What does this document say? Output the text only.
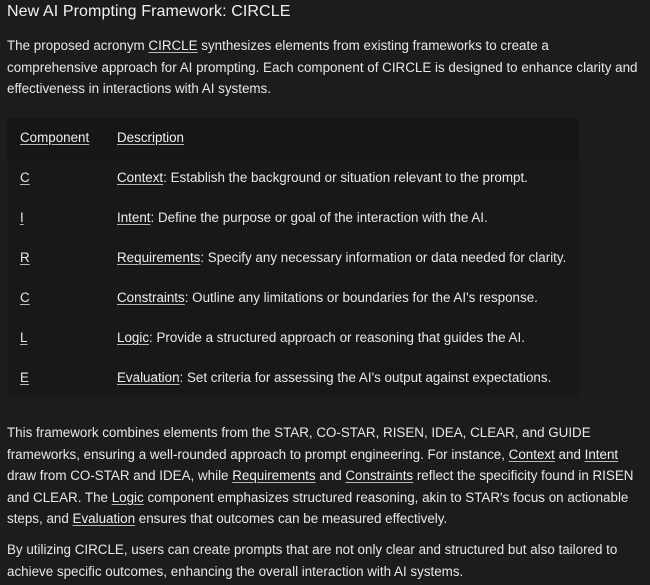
New AI Prompting Framework: CIRCLE

The proposed acronym CIRCLE synthesizes elements from existing frameworks to create a comprehensive approach for AI prompting. Each component of CIRCLE is designed to enhance clarity and effectiveness in interactions with AI systems.

Component Description
C	Context: Establish the background or situation relevant to the prompt.
I	Intent: Define the purpose or goal of the interaction with the AI.
R	Requirements: Specify any necessary information or data needed for clarity.
C	Constraints: Outline any limitations or boundaries for the AI's response.
L	Logic: Provide a structured approach or reasoning that guides the AI.
E	Evaluation: Set criteria for assessing the AI's output against expectations.

This framework combines elements from the STAR, CO-STAR, RISEN, IDEA, CLEAR, and GUIDE frameworks, ensuring a well-rounded approach to prompt engineering. For instance, Context and Intent draw from CO-STAR and IDEA, while Requirements and Constraints reflect the specificity found in RISEN and CLEAR. The Logic component emphasizes structured reasoning, akin to STAR's focus on actionable steps, and Evaluation ensures that outcomes can be measured effectively.

By utilizing CIRCLE, users can create prompts that are not only clear and structured but also tailored to achieve specific outcomes, enhancing the overall interaction with AI systems.
